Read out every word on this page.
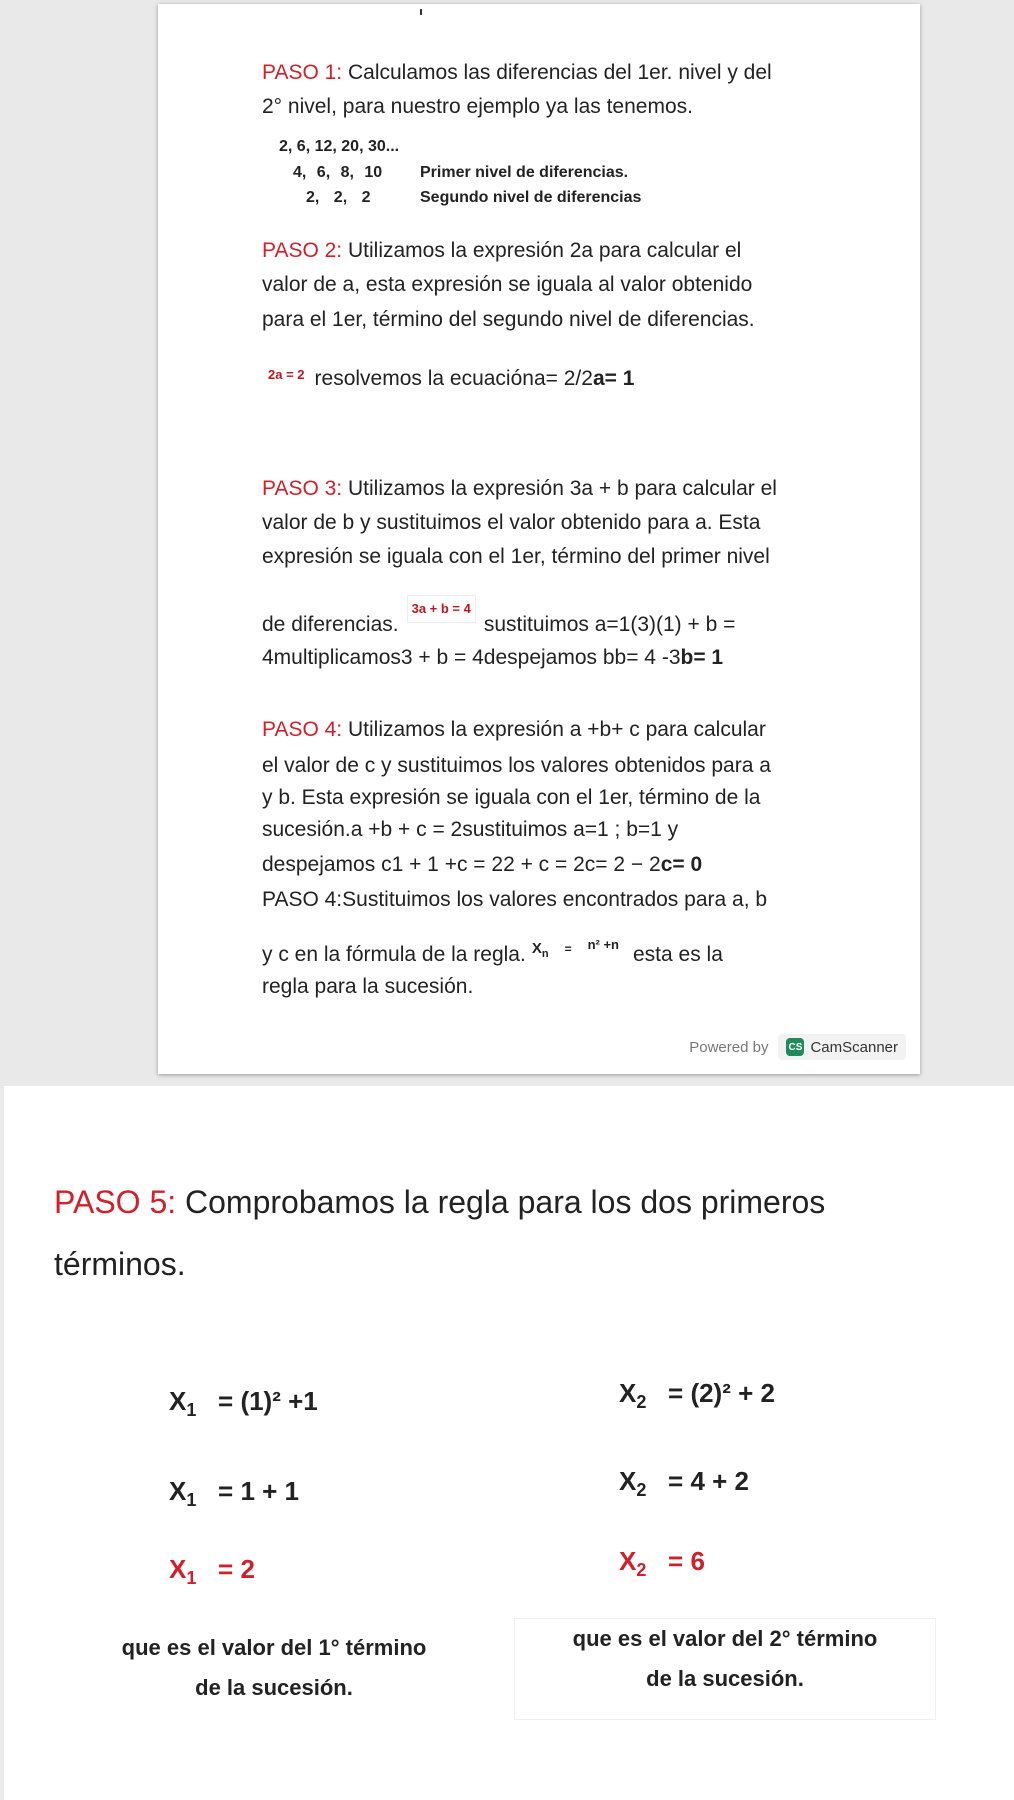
PASO 1: Calculamos las diferencias del 1er. nivel y del
2° nivel, para nuestro ejemplo ya las tenemos.
2, 6, 12, 20, 30...
4, 6, 8, 10 Primer nivel de diferencias.
2, 2, 2	Segundo nivel de diferencias
PASO 2: Utilizamos la expresión 2a para calcular el
valor de a, esta expresión se iguala al valor obtenido
para el 1er, término del segundo nivel de diferencias.
$^{2a = 2}$ resolvemos la ecuacióna= 2/2a= 1
PASO 3: Utilizamos la expresión 3a + b para calcular el
valor de b y sustituimos el valor obtenido para a. Esta
expresión se iguala con el 1er, término del primer nivel
de diferencias.3a + b = 4sustituimos a=1(3)(1) + b =
4multiplicamos3 + b = 4despejamos bb= 4 -3b= 1
PASO 4: Utilizamos la expresión a +b+ c para calcular
el valor de c y sustituimos los valores obtenidos para a
y b. Esta expresión se iguala con el 1er, término de la
sucesión.a +b + c = 2sustituimos a=1 ; b=1 y
despejamos c1 + 1 +c = 22 + c = 2c= 2 − 2c= 0
PASO 4:Sustituimos los valores encontrados para a, b
y c en la fórmula de la regla. $^{X_n = n^2 +n}$ esta es la
regla para la sucesión.
Powered by CS CamScanner
PASO 5: Comprobamos la regla para los dos primeros
términos.
$X_1 = (1)^2 +1$
$X_1 = 1 + 1$
$X_1 = 2$
$X_2 = (2)^2 + 2$
$X_2 = 4 + 2$
$X_2 = 6$
que es el valor del 1° término
de la sucesión.
que es el valor del 2° término
de la sucesión.
